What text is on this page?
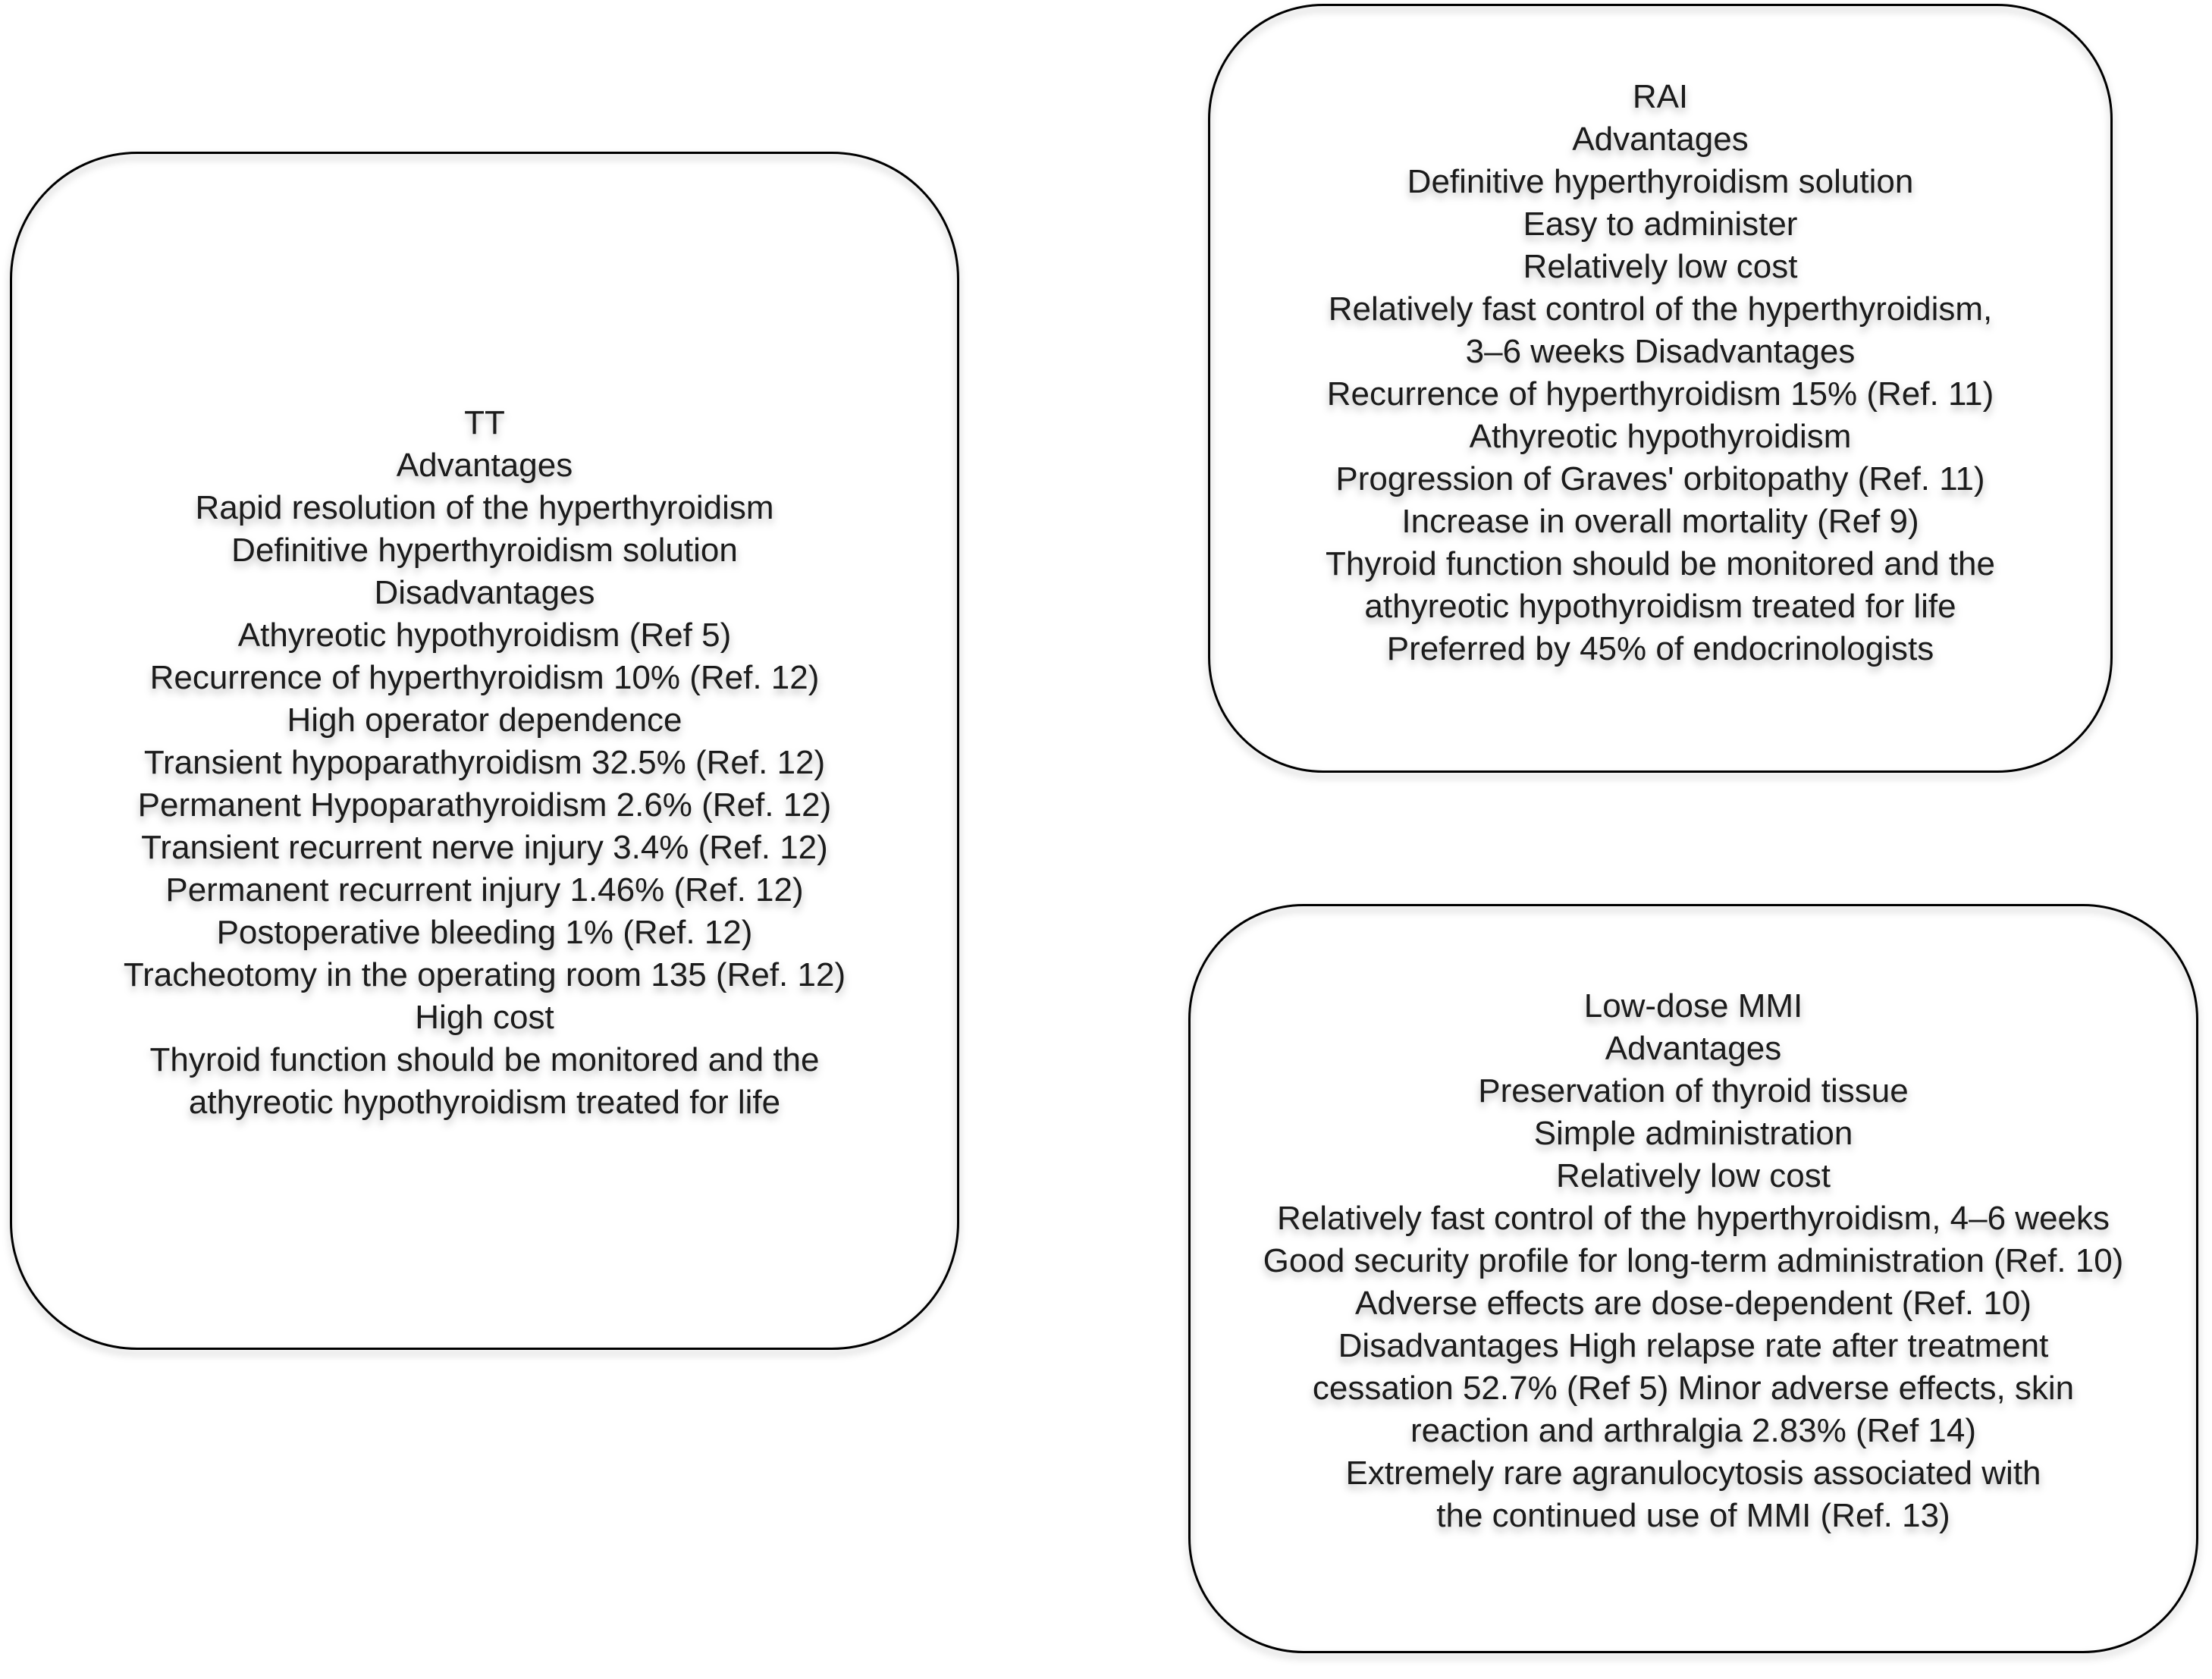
TT
Advantages
Rapid resolution of the hyperthyroidism
Definitive hyperthyroidism solution
Disadvantages
Athyreotic hypothyroidism (Ref 5)
Recurrence of hyperthyroidism 10% (Ref. 12)
High operator dependence
Transient hypoparathyroidism 32.5% (Ref. 12)
Permanent Hypoparathyroidism 2.6% (Ref. 12)
Transient recurrent nerve injury 3.4% (Ref. 12)
Permanent recurrent injury 1.46% (Ref. 12)
Postoperative bleeding 1% (Ref. 12)
Tracheotomy in the operating room 135 (Ref. 12)
High cost
Thyroid function should be monitored and the
athyreotic hypothyroidism treated for life
RAI
Advantages
Definitive hyperthyroidism solution
Easy to administer
Relatively low cost
Relatively fast control of the hyperthyroidism,
3–6 weeks Disadvantages
Recurrence of hyperthyroidism 15% (Ref. 11)
Athyreotic hypothyroidism
Progression of Graves' orbitopathy (Ref. 11)
Increase in overall mortality (Ref 9)
Thyroid function should be monitored and the
athyreotic hypothyroidism treated for life
Preferred by 45% of endocrinologists
Low-dose MMI
Advantages
Preservation of thyroid tissue
Simple administration
Relatively low cost
Relatively fast control of the hyperthyroidism, 4–6 weeks
Good security profile for long-term administration (Ref. 10)
Adverse effects are dose-dependent (Ref. 10)
Disadvantages High relapse rate after treatment
cessation 52.7% (Ref 5) Minor adverse effects, skin
reaction and arthralgia 2.83% (Ref 14)
Extremely rare agranulocytosis associated with
the continued use of MMI (Ref. 13)
